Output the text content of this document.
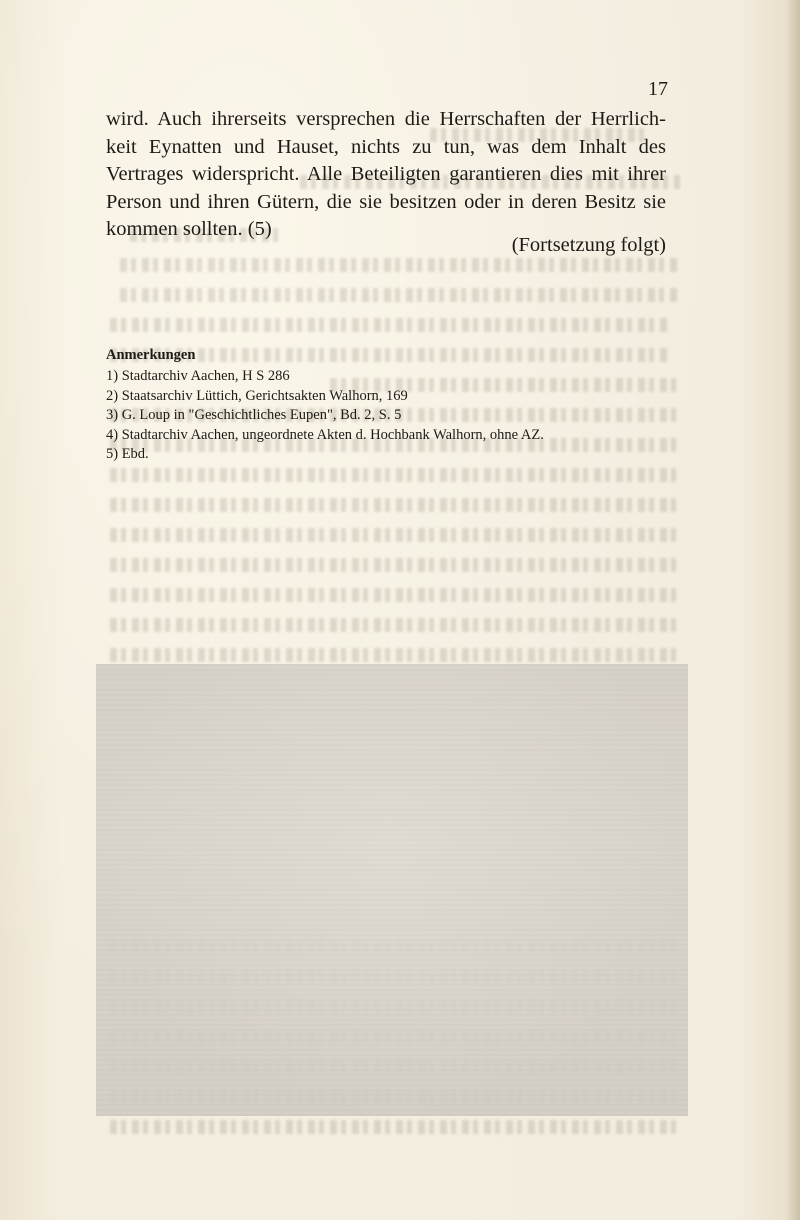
17

wird. Auch ihrerseits versprechen die Herrschaften der Herrlich- keit Eynatten und Hauset, nichts zu tun, was dem Inhalt des Vertrages widerspricht. Alle Beteiligten garantieren dies mit ihrer Person und ihren Gütern, die sie besitzen oder in deren Besitz sie kommen sollten. (5)

(Fortsetzung folgt)
Anmerkungen
1) Stadtarchiv Aachen, H S 286
2) Staatsarchiv Lüttich, Gerichtsakten Walhorn, 169
3) G. Loup in "Geschichtliches Eupen", Bd. 2, S. 5
4) Stadtarchiv Aachen, ungeordnete Akten d. Hochbank Walhorn, ohne AZ.
5) Ebd.
